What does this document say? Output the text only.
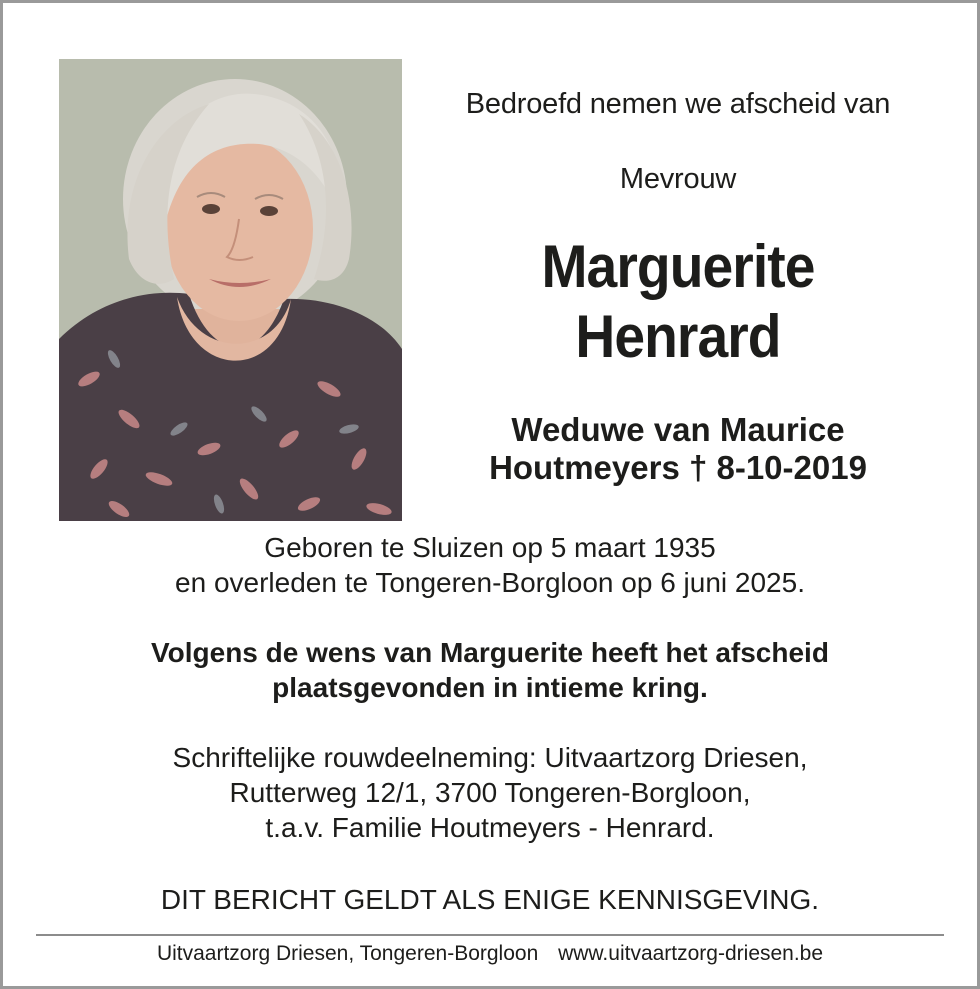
Bedroefd nemen we afscheid van
Mevrouw
Marguerite
Henrard
Weduwe van Maurice
Houtmeyers † 8-10-2019
Geboren te Sluizen op 5 maart 1935
en overleden te Tongeren-Borgloon op 6 juni 2025.
Volgens de wens van Marguerite heeft het afscheid
plaatsgevonden in intieme kring.
Schriftelijke rouwdeelneming: Uitvaartzorg Driesen,
Rutterweg 12/1, 3700 Tongeren-Borgloon,
t.a.v. Familie Houtmeyers - Henrard.
DIT BERICHT GELDT ALS ENIGE KENNISGEVING.
Uitvaartzorg Driesen, Tongeren-Borgloon www.uitvaartzorg-driesen.be
